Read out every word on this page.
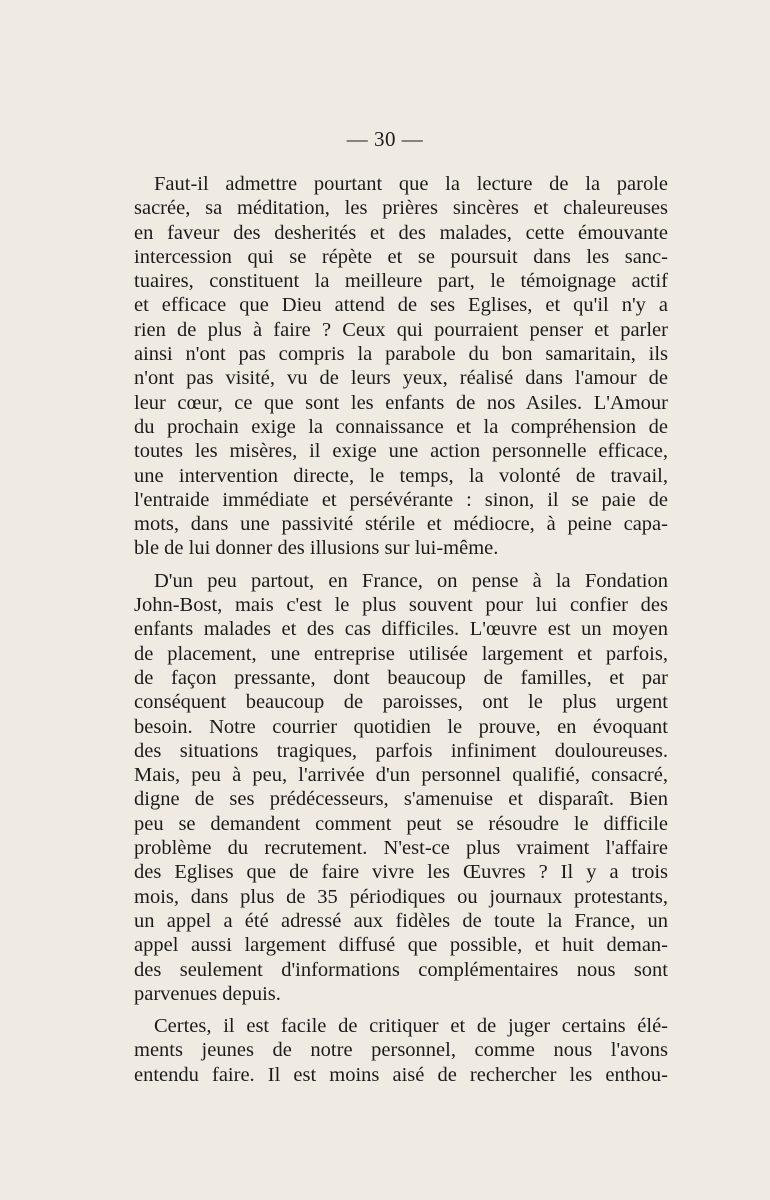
— 30 —
Faut-il admettre pourtant que la lecture de la parole
sacrée, sa méditation, les prières sincères et chaleureuses
en faveur des desherités et des malades, cette émouvante
intercession qui se répète et se poursuit dans les sanc-
tuaires, constituent la meilleure part, le témoignage actif
et efficace que Dieu attend de ses Eglises, et qu'il n'y a
rien de plus à faire ? Ceux qui pourraient penser et parler
ainsi n'ont pas compris la parabole du bon samaritain, ils
n'ont pas visité, vu de leurs yeux, réalisé dans l'amour de
leur cœur, ce que sont les enfants de nos Asiles. L'Amour
du prochain exige la connaissance et la compréhension de
toutes les misères, il exige une action personnelle efficace,
une intervention directe, le temps, la volonté de travail,
l'entraide immédiate et persévérante : sinon, il se paie de
mots, dans une passivité stérile et médiocre, à peine capa-
ble de lui donner des illusions sur lui-même.
D'un peu partout, en France, on pense à la Fondation
John-Bost, mais c'est le plus souvent pour lui confier des
enfants malades et des cas difficiles. L'œuvre est un moyen
de placement, une entreprise utilisée largement et parfois,
de façon pressante, dont beaucoup de familles, et par
conséquent beaucoup de paroisses, ont le plus urgent
besoin. Notre courrier quotidien le prouve, en évoquant
des situations tragiques, parfois infiniment douloureuses.
Mais, peu à peu, l'arrivée d'un personnel qualifié, consacré,
digne de ses prédécesseurs, s'amenuise et disparaît. Bien
peu se demandent comment peut se résoudre le difficile
problème du recrutement. N'est-ce plus vraiment l'affaire
des Eglises que de faire vivre les Œuvres ? Il y a trois
mois, dans plus de 35 périodiques ou journaux protestants,
un appel a été adressé aux fidèles de toute la France, un
appel aussi largement diffusé que possible, et huit deman-
des seulement d'informations complémentaires nous sont
parvenues depuis.
Certes, il est facile de critiquer et de juger certains élé-
ments jeunes de notre personnel, comme nous l'avons
entendu faire. Il est moins aisé de rechercher les enthou-
